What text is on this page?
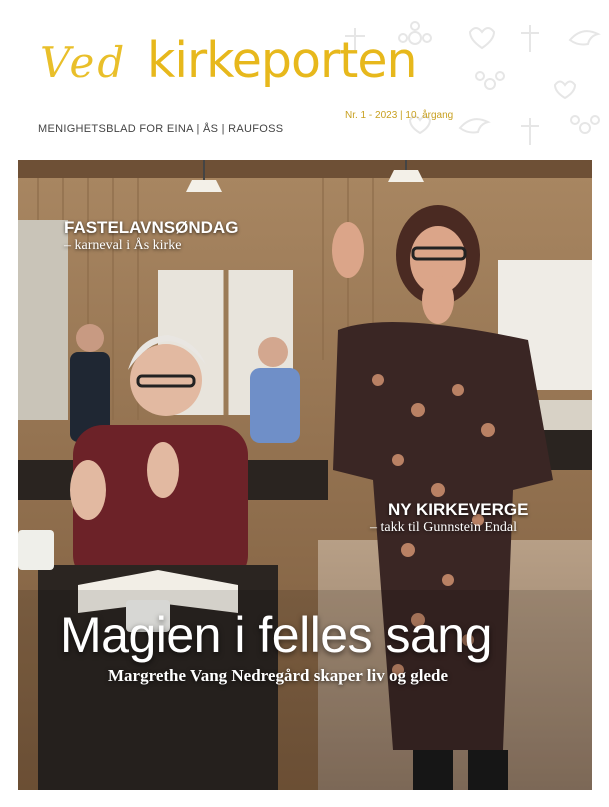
Ved kirkeporten
Nr. 1 - 2023 | 10. årgang
MENIGHETSBLAD FOR EINA | ÅS | RAUFOSS
FASTELAVNSØNDAG
– karneval i Ås kirke
NY KIRKEVERGE
– takk til Gunnstein Endal
Magien i felles sang
Margrethe Vang Nedregård skaper liv og glede
